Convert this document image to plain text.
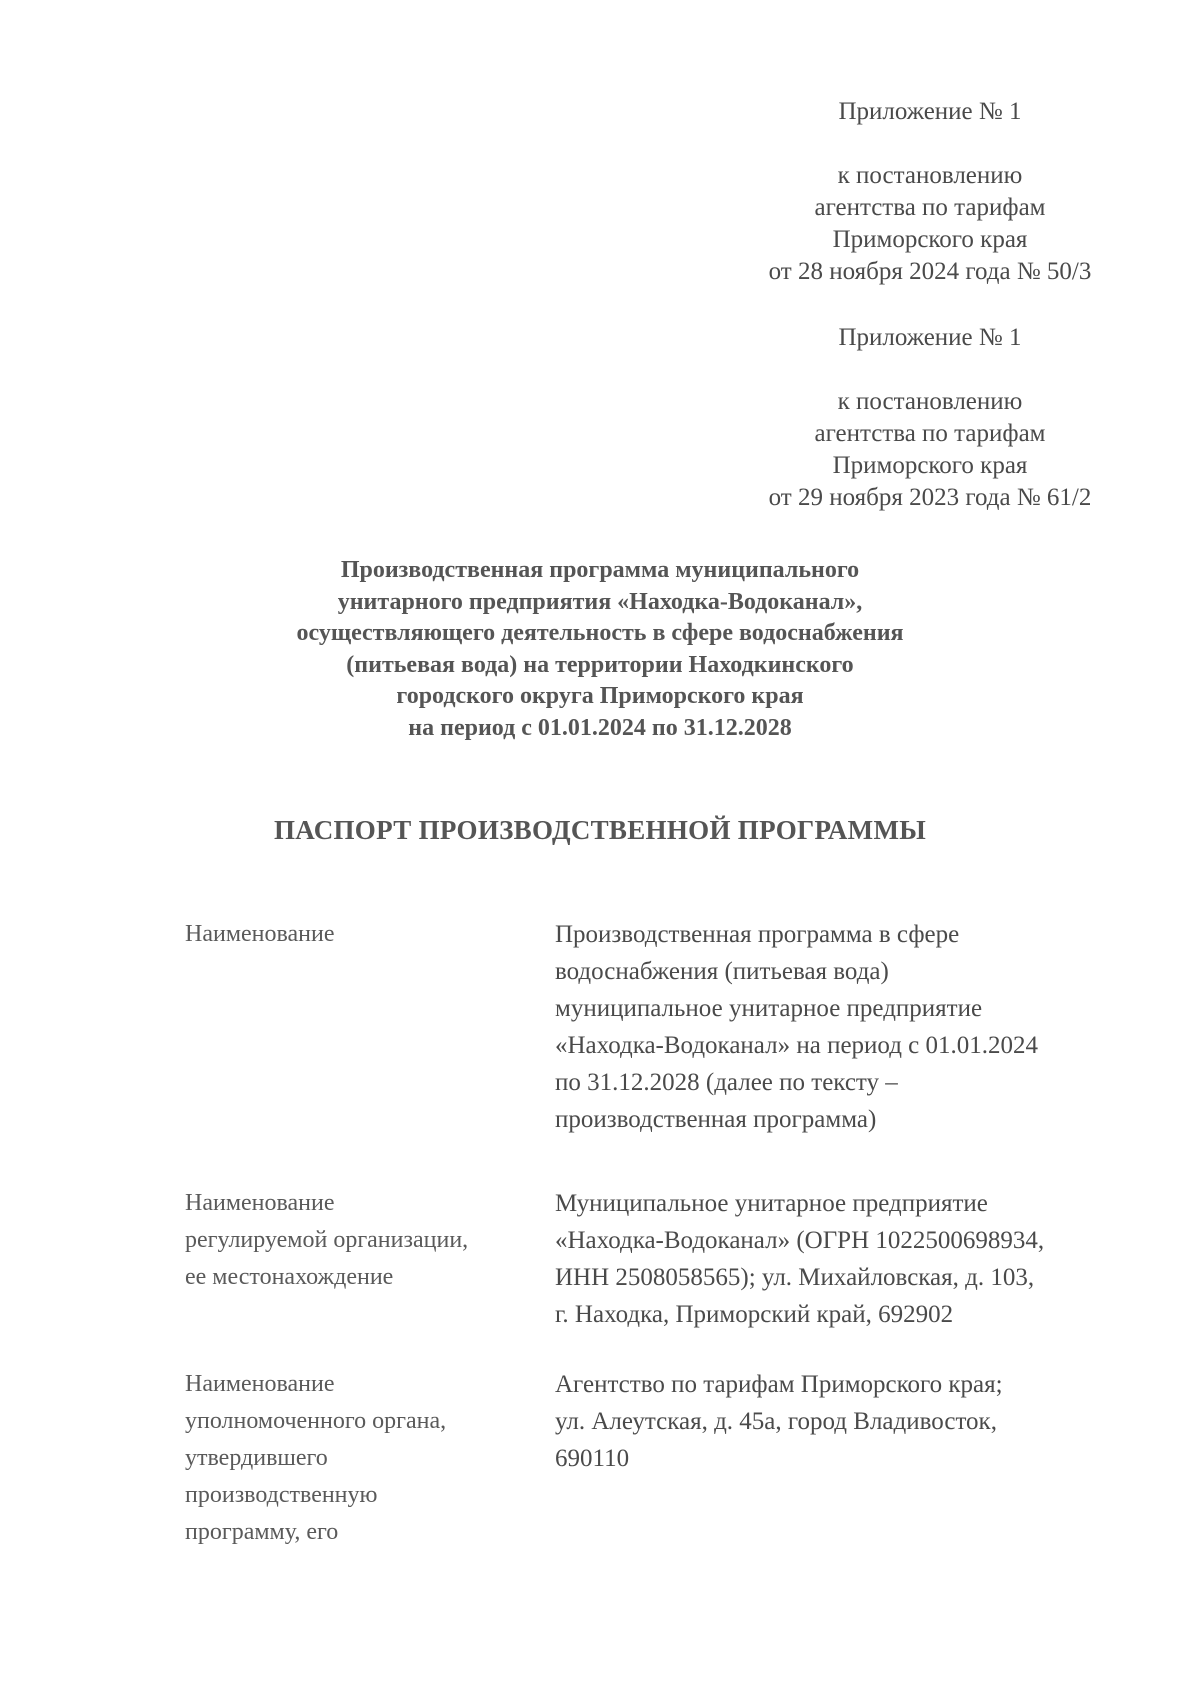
Приложение № 1
к постановлению
агентства по тарифам
Приморского края
от 28 ноября 2024 года № 50/3
Приложение № 1
к постановлению
агентства по тарифам
Приморского края
от 29 ноября 2023 года № 61/2
Производственная программа муниципального
унитарного предприятия «Находка-Водоканал»,
осуществляющего деятельность в сфере водоснабжения
(питьевая вода) на территории Находкинского
городского округа Приморского края
на период с 01.01.2024 по 31.12.2028
ПАСПОРТ ПРОИЗВОДСТВЕННОЙ ПРОГРАММЫ
Наименование	Производственная программа в сфере
водоснабжения (питьевая вода)
муниципальное унитарное предприятие
«Находка-Водоканал» на период с 01.01.2024
по 31.12.2028 (далее по тексту –
производственная программа)
Наименование
регулируемой организации,
ее местонахождение
Муниципальное унитарное предприятие
«Находка-Водоканал» (ОГРН 1022500698934,
ИНН 2508058565); ул. Михайловская, д. 103,
г. Находка, Приморский край, 692902
Наименование
уполномоченного органа,
утвердившего
производственную
программу, его
Агентство по тарифам Приморского края;
ул. Алеутская, д. 45а, город Владивосток,
690110
